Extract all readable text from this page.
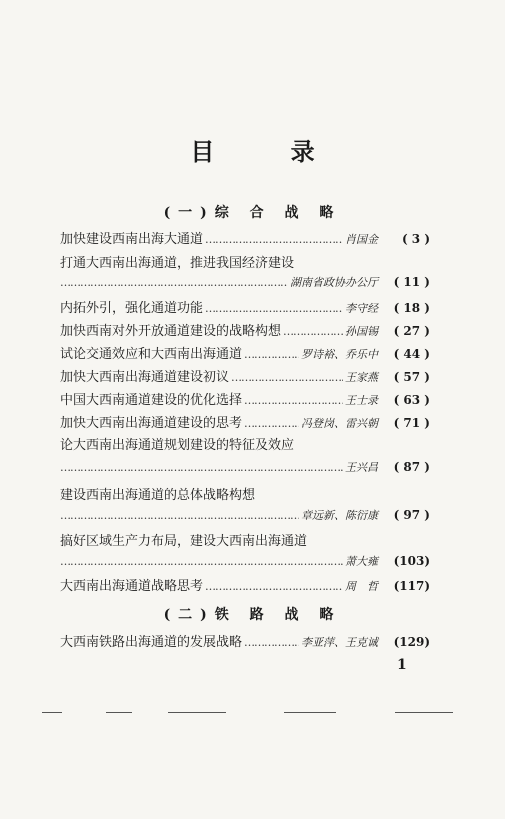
目 录
(一)综 合 战 略
加快建设西南出海大通道 …………………………………………………………………………………………………………	肖国金	( 3 )
打通大西南出海通道，推进我国经济建设
…………………………………………………………………………………………………………
湖南省政协办公厅	( 11 )
内拓外引，强化通道功能 …………………………………………………………………………………………………………	李守经	( 18 )
加快西南对外开放通道建设的战略构想 …………………………………………………………………………………………………………	孙国锡	( 27 )
试论交通效应和大西南出海通道 …………………………………………………………………………………………………………	罗诗裕、乔乐中	( 44 )
加快大西南出海通道建设初议 …………………………………………………………………………………………………………	王家燕	( 57 )
中国大西南通道建设的优化选择 …………………………………………………………………………………………………………	王士录	( 63 )
加快大西南出海通道建设的思考 …………………………………………………………………………………………………………	冯登岗、雷兴朝	( 71 )
论大西南出海通道规划建设的特征及效应
…………………………………………………………………………………………………………
王兴昌	( 87 )
建设西南出海通道的总体战略构想
…………………………………………………………………………………………………………
章远新、陈衍康	( 97 )
搞好区域生产力布局，建设大西南出海通道
…………………………………………………………………………………………………………
萧大雍	(103)
大西南出海通道战略思考 …………………………………………………………………………………………………………	周　哲	(117)
(二)铁 路 战 略
大西南铁路出海通道的发展战略 …………………………………………………………………………………………………………	李亚萍、王克诚	(129)
1
